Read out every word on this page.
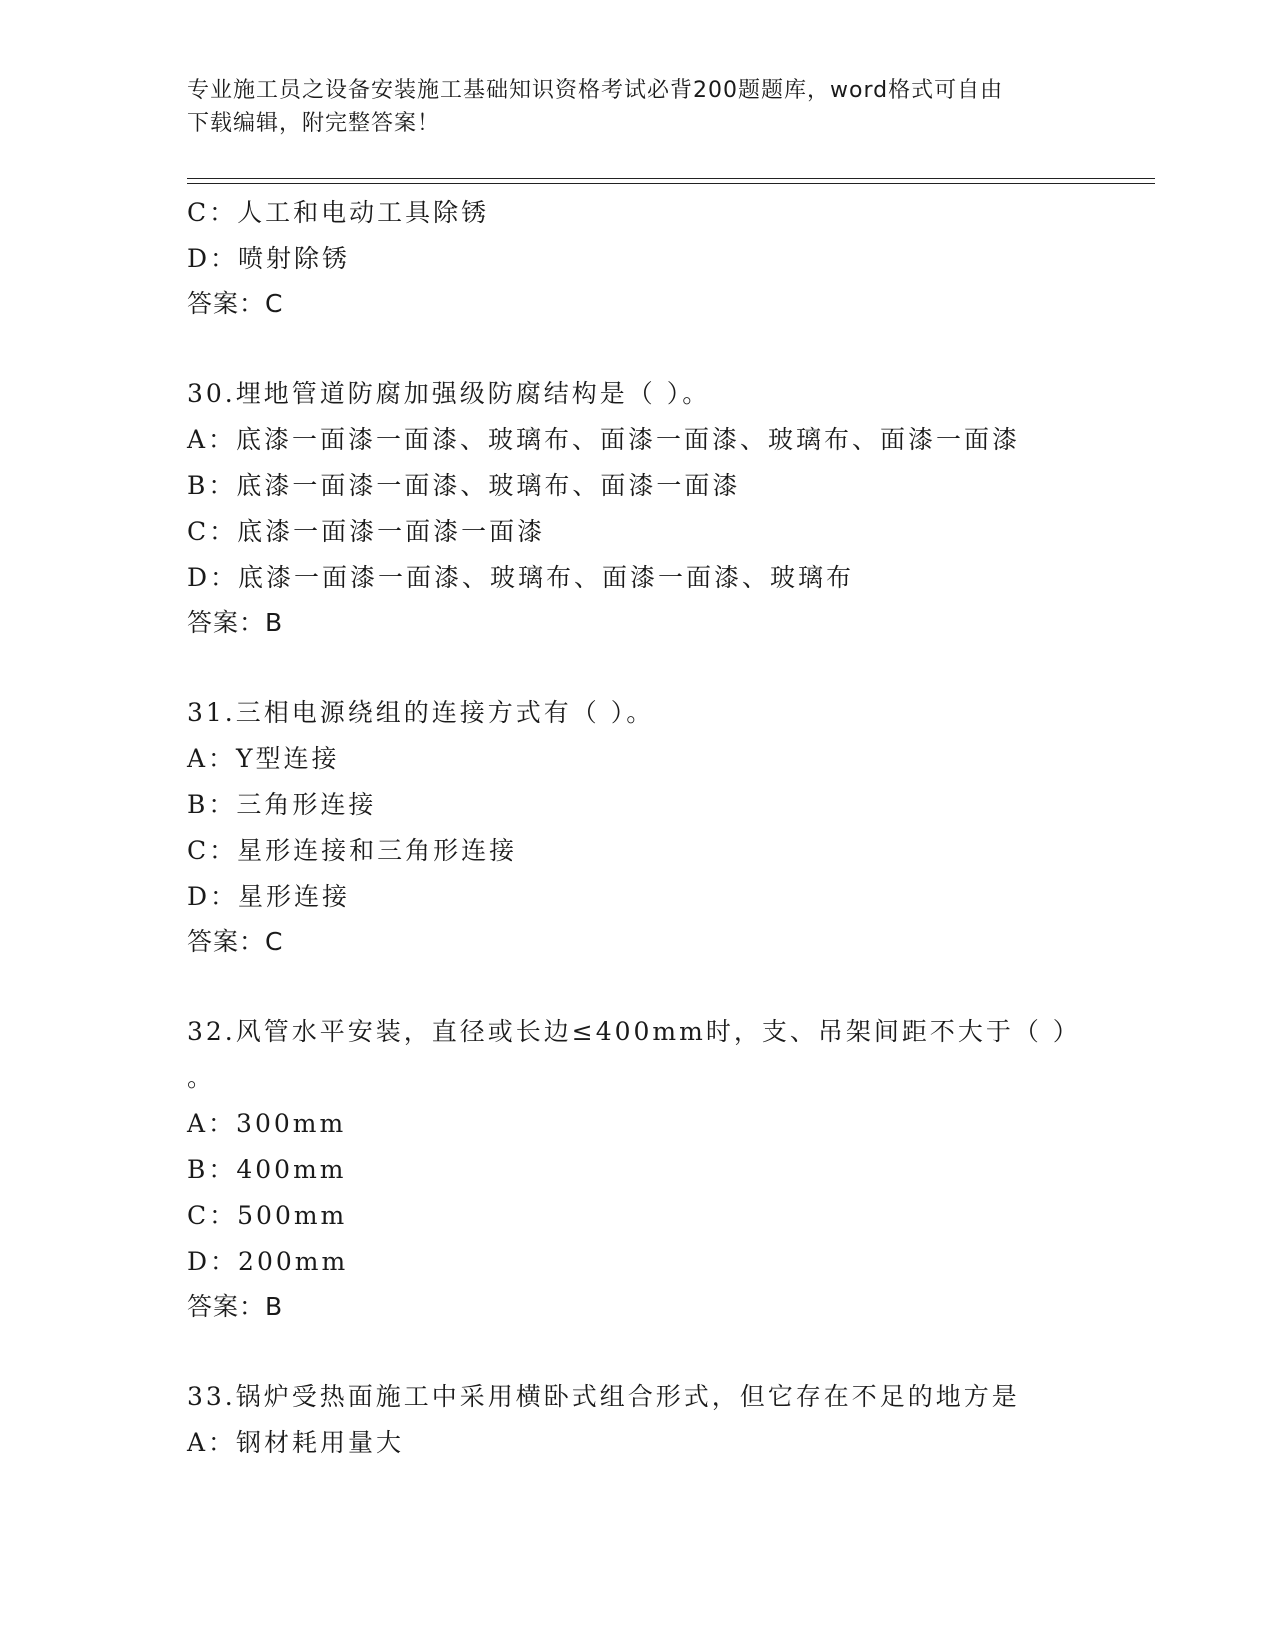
专业施工员之设备安装施工基础知识资格考试必背200题题库，word格式可自由
下载编辑，附完整答案！
C：人工和电动工具除锈
D：喷射除锈
答案：C
30.埋地管道防腐加强级防腐结构是（ ）。
A：底漆一面漆一面漆、玻璃布、面漆一面漆、玻璃布、面漆一面漆
B：底漆一面漆一面漆、玻璃布、面漆一面漆
C：底漆一面漆一面漆一面漆
D：底漆一面漆一面漆、玻璃布、面漆一面漆、玻璃布
答案：B
31.三相电源绕组的连接方式有（ ）。
A：Y型连接
B：三角形连接
C：星形连接和三角形连接
D：星形连接
答案：C
32.风管水平安装，直径或长边≤400mm时，支、吊架间距不大于（ ）
。
A：300mm
B：400mm
C：500mm
D：200mm
答案：B
33.锅炉受热面施工中采用横卧式组合形式，但它存在不足的地方是
A：钢材耗用量大
